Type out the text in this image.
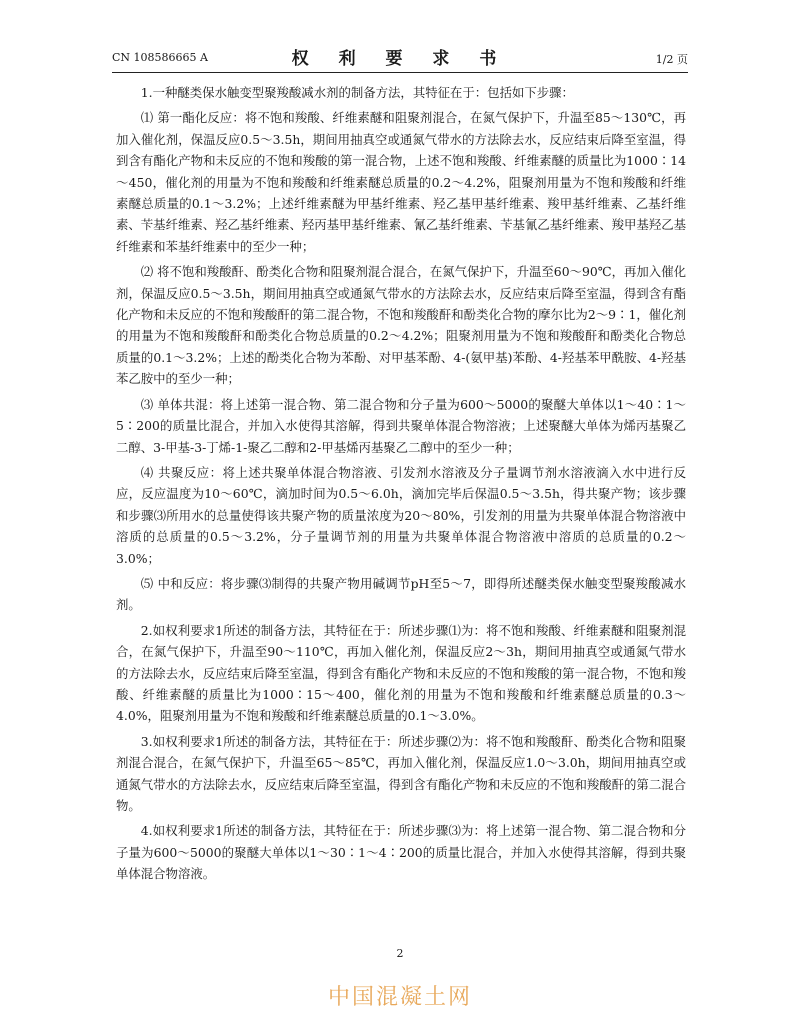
CN 108586665 A	权 利 要 求 书	1/2 页

1.一种醚类保水触变型聚羧酸减水剂的制备方法，其特征在于：包括如下步骤：

⑴ 第一酯化反应：将不饱和羧酸、纤维素醚和阻聚剂混合，在氮气保护下，升温至85～130℃，再加入催化剂，保温反应0.5～3.5h，期间用抽真空或通氮气带水的方法除去水，反应结束后降至室温，得到含有酯化产物和未反应的不饱和羧酸的第一混合物，上述不饱和羧酸、纤维素醚的质量比为1000∶14～450，催化剂的用量为不饱和羧酸和纤维素醚总质量的0.2～4.2%，阻聚剂用量为不饱和羧酸和纤维素醚总质量的0.1～3.2%；上述纤维素醚为甲基纤维素、羟乙基甲基纤维素、羧甲基纤维素、乙基纤维素、苄基纤维素、羟乙基纤维素、羟丙基甲基纤维素、氰乙基纤维素、苄基氰乙基纤维素、羧甲基羟乙基纤维素和苯基纤维素中的至少一种；

⑵ 将不饱和羧酸酐、酚类化合物和阻聚剂混合混合，在氮气保护下，升温至60～90℃，再加入催化剂，保温反应0.5～3.5h，期间用抽真空或通氮气带水的方法除去水，反应结束后降至室温，得到含有酯化产物和未反应的不饱和羧酸酐的第二混合物，不饱和羧酸酐和酚类化合物的摩尔比为2～9∶1，催化剂的用量为不饱和羧酸酐和酚类化合物总质量的0.2～4.2%；阻聚剂用量为不饱和羧酸酐和酚类化合物总质量的0.1～3.2%；上述的酚类化合物为苯酚、对甲基苯酚、4-(氨甲基)苯酚、4-羟基苯甲酰胺、4-羟基苯乙胺中的至少一种；

⑶ 单体共混：将上述第一混合物、第二混合物和分子量为600～5000的聚醚大单体以1～40∶1～5∶200的质量比混合，并加入水使得其溶解，得到共聚单体混合物溶液；上述聚醚大单体为烯丙基聚乙二醇、3-甲基-3-丁烯-1-聚乙二醇和2-甲基烯丙基聚乙二醇中的至少一种；

⑷ 共聚反应：将上述共聚单体混合物溶液、引发剂水溶液及分子量调节剂水溶液滴入水中进行反应，反应温度为10～60℃，滴加时间为0.5～6.0h，滴加完毕后保温0.5～3.5h，得共聚产物；该步骤和步骤⑶所用水的总量使得该共聚产物的质量浓度为20～80%，引发剂的用量为共聚单体混合物溶液中溶质的总质量的0.5～3.2%，分子量调节剂的用量为共聚单体混合物溶液中溶质的总质量的0.2～3.0%；

⑸ 中和反应：将步骤⑶制得的共聚产物用碱调节pH至5～7，即得所述醚类保水触变型聚羧酸减水剂。

2.如权利要求1所述的制备方法，其特征在于：所述步骤⑴为：将不饱和羧酸、纤维素醚和阻聚剂混合，在氮气保护下，升温至90～110℃，再加入催化剂，保温反应2～3h，期间用抽真空或通氮气带水的方法除去水，反应结束后降至室温，得到含有酯化产物和未反应的不饱和羧酸的第一混合物，不饱和羧酸、纤维素醚的质量比为1000∶15～400，催化剂的用量为不饱和羧酸和纤维素醚总质量的0.3～4.0%，阻聚剂用量为不饱和羧酸和纤维素醚总质量的0.1～3.0%。

3.如权利要求1所述的制备方法，其特征在于：所述步骤⑵为：将不饱和羧酸酐、酚类化合物和阻聚剂混合混合，在氮气保护下，升温至65～85℃，再加入催化剂，保温反应1.0～3.0h，期间用抽真空或通氮气带水的方法除去水，反应结束后降至室温，得到含有酯化产物和未反应的不饱和羧酸酐的第二混合物。

4.如权利要求1所述的制备方法，其特征在于：所述步骤⑶为：将上述第一混合物、第二混合物和分子量为600～5000的聚醚大单体以1～30∶1～4∶200的质量比混合，并加入水使得其溶解，得到共聚单体混合物溶液。

2
中国混凝土网
